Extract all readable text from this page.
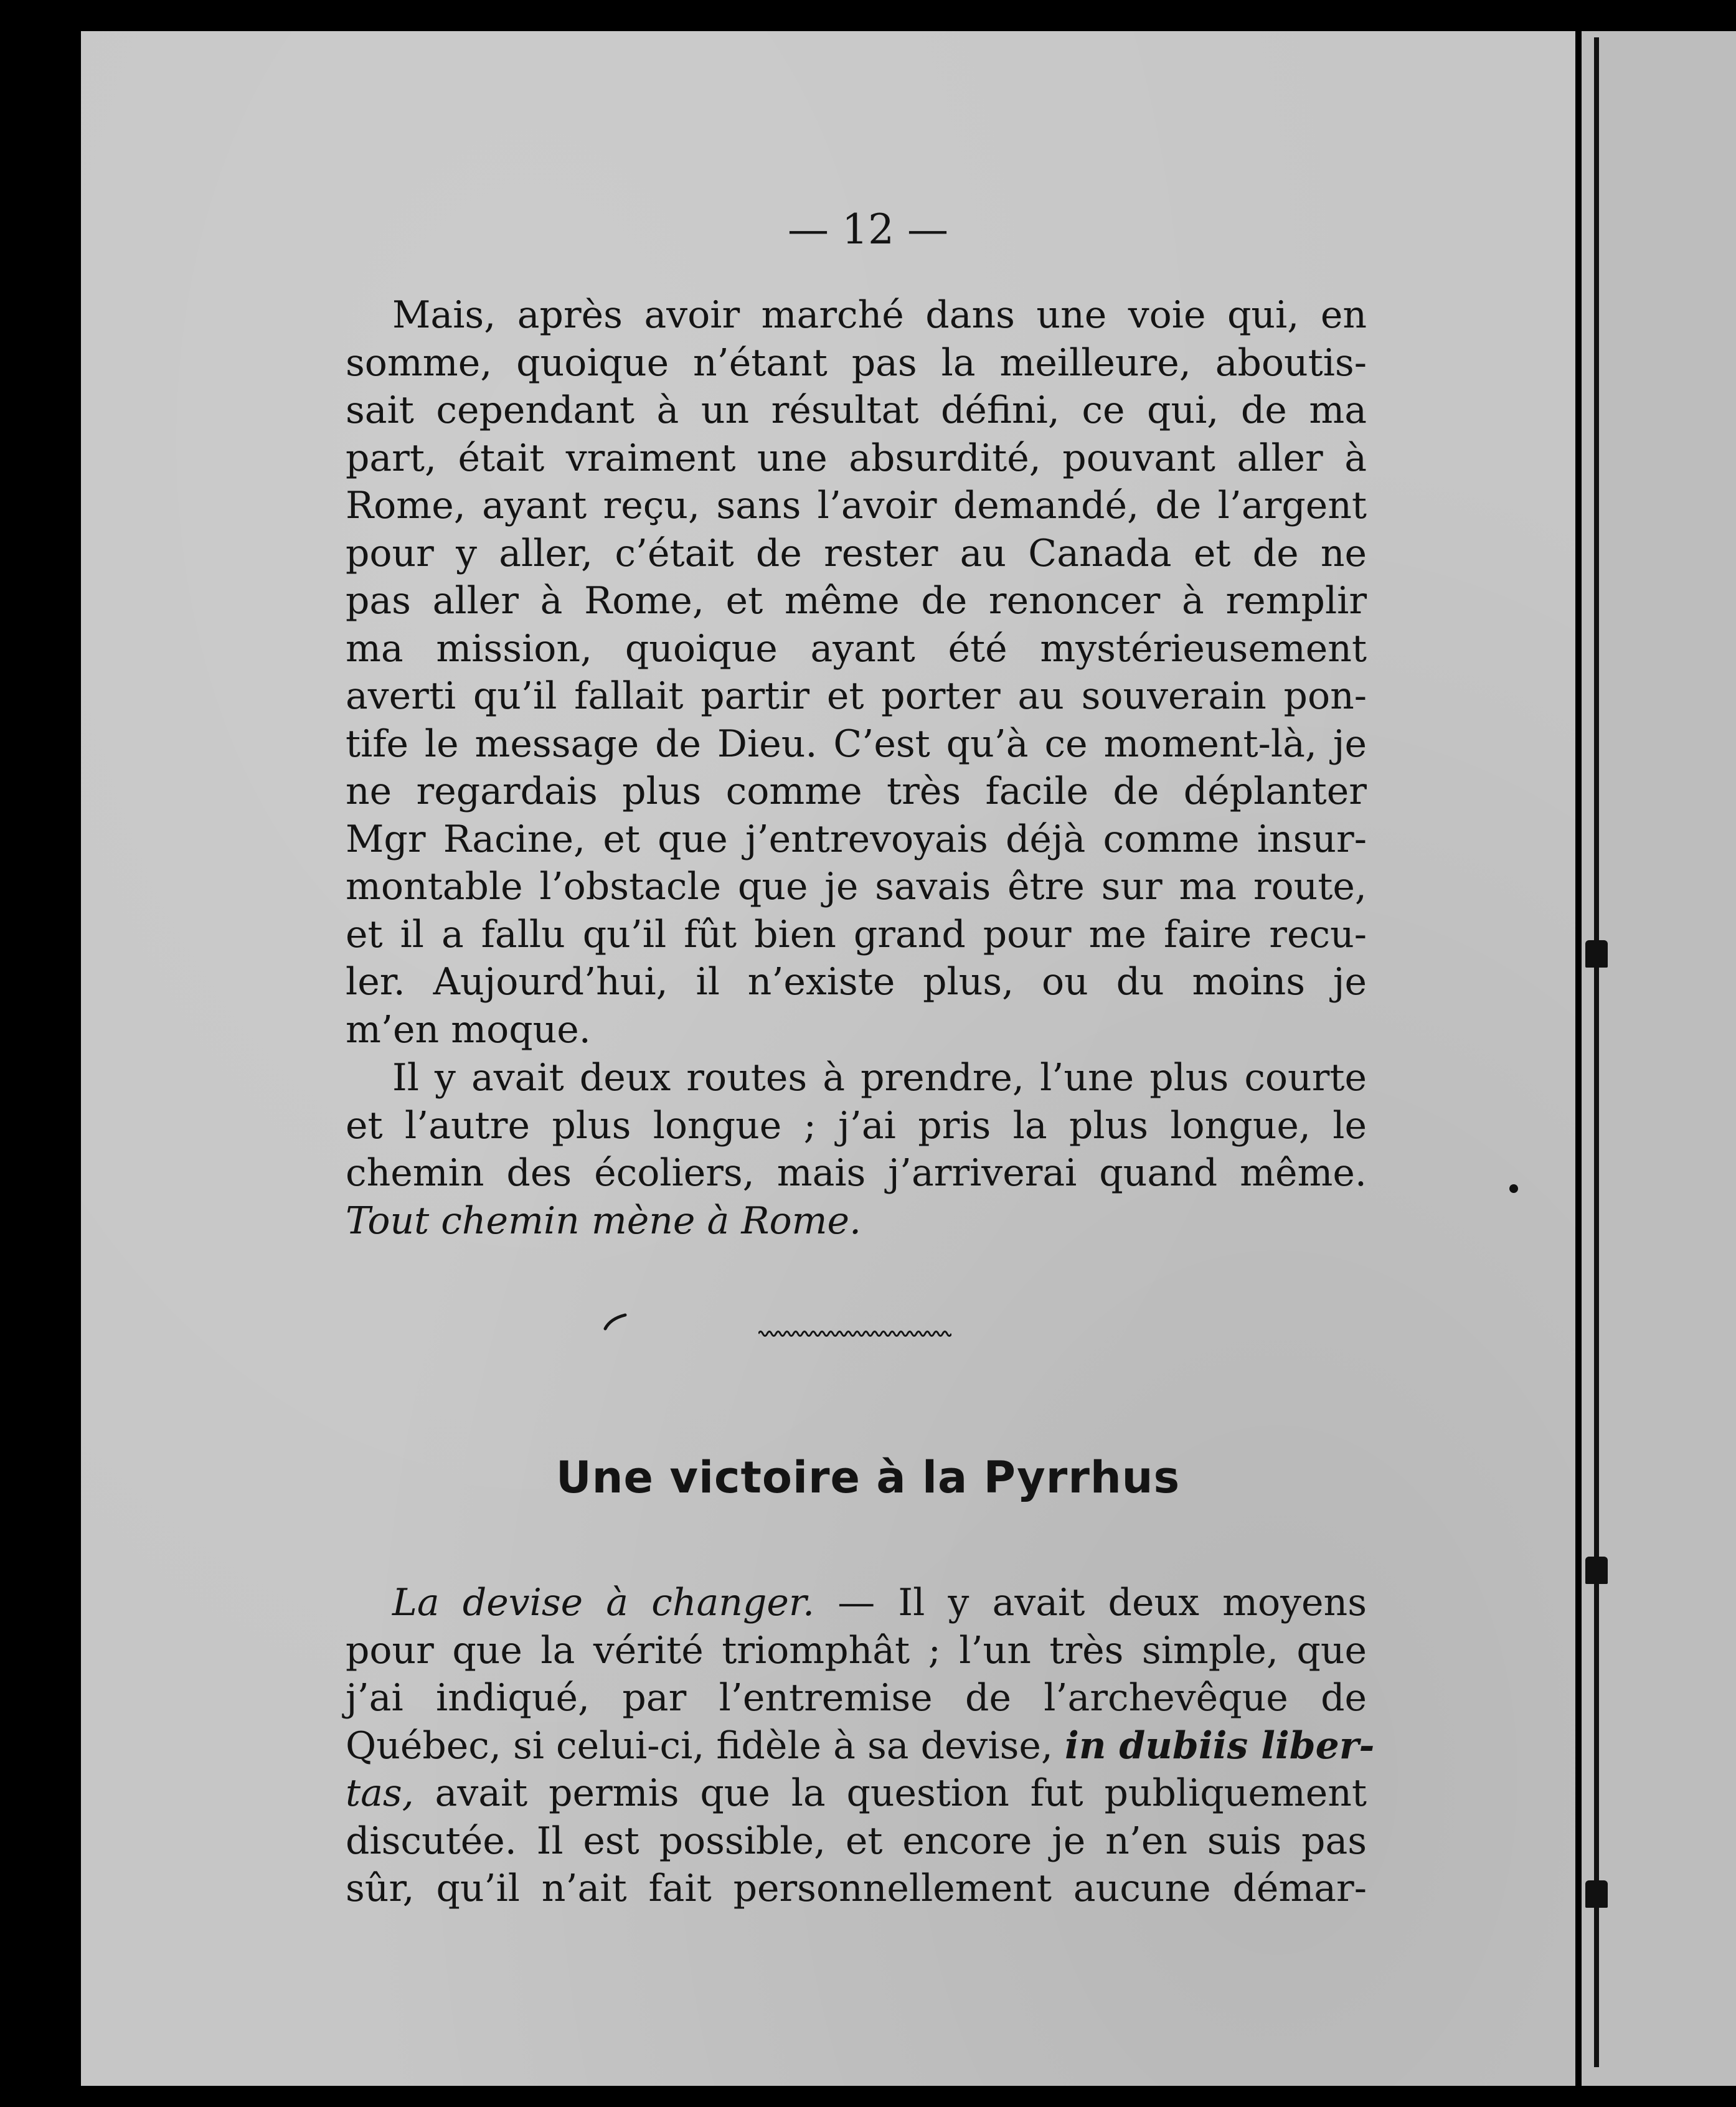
— 12 —
Mais, après avoir marché dans une voie qui, en
somme, quoique n’étant pas la meilleure, aboutis-
sait cependant à un résultat défini, ce qui, de ma
part, était vraiment une absurdité, pouvant aller à
Rome, ayant reçu, sans l’avoir demandé, de l’argent
pour y aller, c’était de rester au Canada et de ne
pas aller à Rome, et même de renoncer à remplir
ma mission, quoique ayant été mystérieusement
averti qu’il fallait partir et porter au souverain pon-
tife le message de Dieu. C’est qu’à ce moment-là, je
ne regardais plus comme très facile de déplanter
Mgr Racine, et que j’entrevoyais déjà comme insur-
montable l’obstacle que je savais être sur ma route,
et il a fallu qu’il fût bien grand pour me faire recu-
ler. Aujourd’hui, il n’existe plus, ou du moins je
m’en moque.
Il y avait deux routes à prendre, l’une plus courte
et l’autre plus longue ; j’ai pris la plus longue, le
chemin des écoliers, mais j’arriverai quand même.
Tout chemin mène à Rome.
Une victoire à la Pyrrhus
La devise à changer. — Il y avait deux moyens
pour que la vérité triomphât ; l’un très simple, que
j’ai indiqué, par l’entremise de l’archevêque de
Québec, si celui-ci, fidèle à sa devise, in dubiis liber-
tas, avait permis que la question fut publiquement
discutée. Il est possible, et encore je n’en suis pas
sûr, qu’il n’ait fait personnellement aucune démar-
